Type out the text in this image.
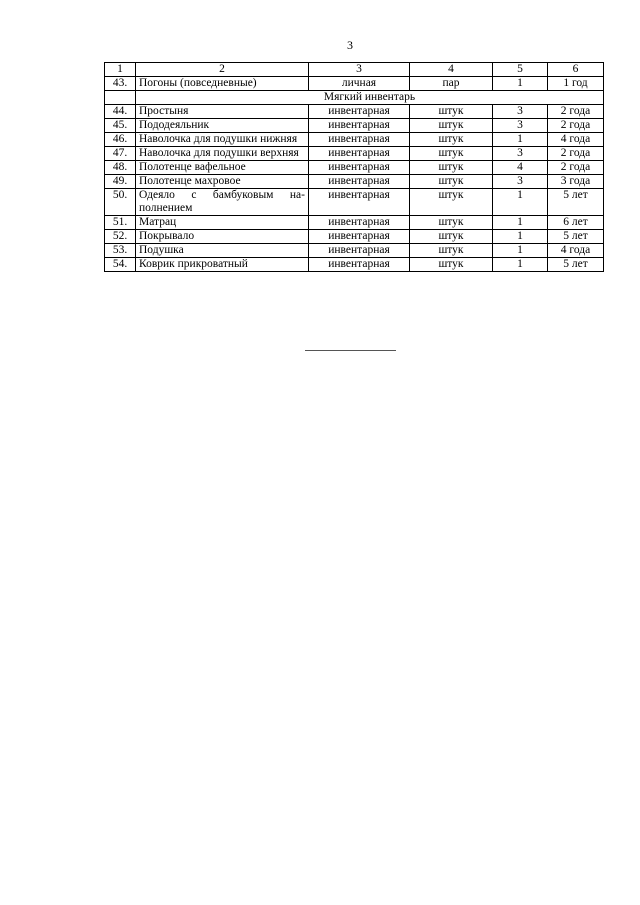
3
1	2	3	4	5	6
43.	Погоны (повседневные)	личная	пар	1	1 год
	Мягкий инвентарь				
44.	Простыня	инвентарная	штук	3	2 года
45.	Пододеяльник	инвентарная	штук	3	2 года
46.	Наволочка для подушки нижняя	инвентарная	штук	1	4 года
47.	Наволочка для подушки верхняя	инвентарная	штук	3	2 года
48.	Полотенце вафельное	инвентарная	штук	4	2 года
49.	Полотенце махровое	инвентарная	штук	3	3 года
50.	Одеяло с бамбуковым на-полнением	инвентарная	штук	1	5 лет
51.	Матрац	инвентарная	штук	1	6 лет
52.	Покрывало	инвентарная	штук	1	5 лет
53.	Подушка	инвентарная	штук	1	4 года
54.	Коврик прикроватный	инвентарная	штук	1	5 лет
